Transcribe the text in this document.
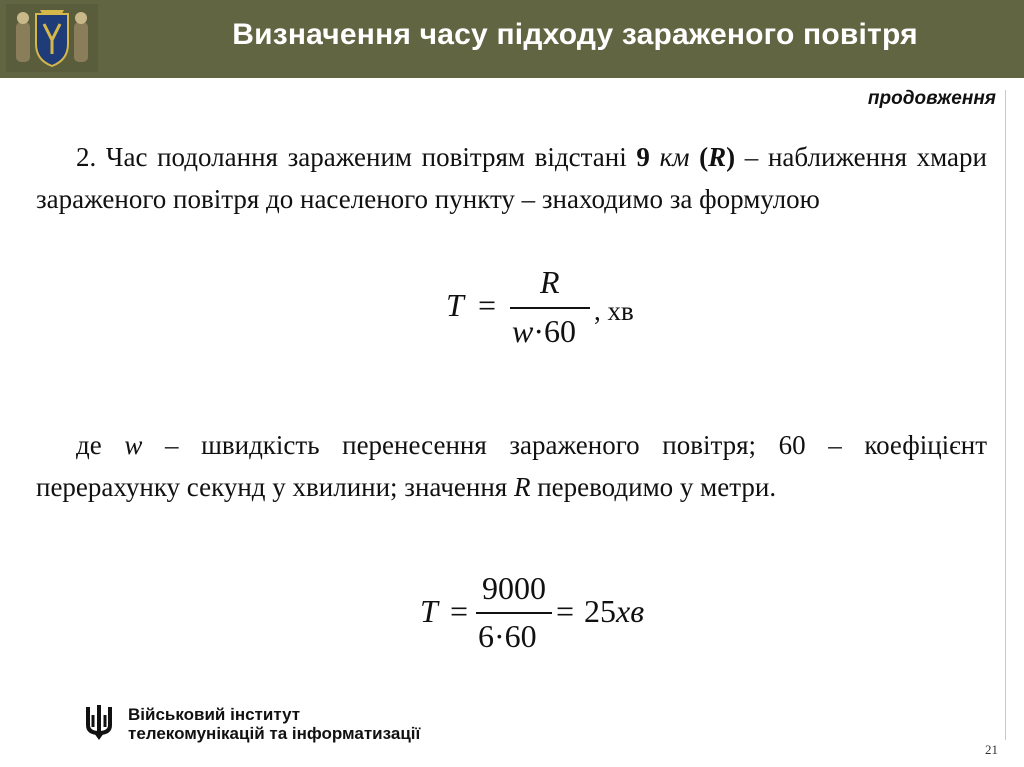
Визначення часу підходу зараженого повітря
продовження
2. Час подолання зараженим повітрям відстані 9 км (R) – наближення хмари зараженого повітря до населеного пункту – знаходимо за формулою
T =
R
w·60
, хв
де w – швидкість перенесення зараженого повітря; 60 – коефіцієнт перерахунку секунд у хвилини; значення R переводимо у метри.
T =
9000
6·60
= 25хв
Військовий інститут
телекомунікацій та інформатизації
21
